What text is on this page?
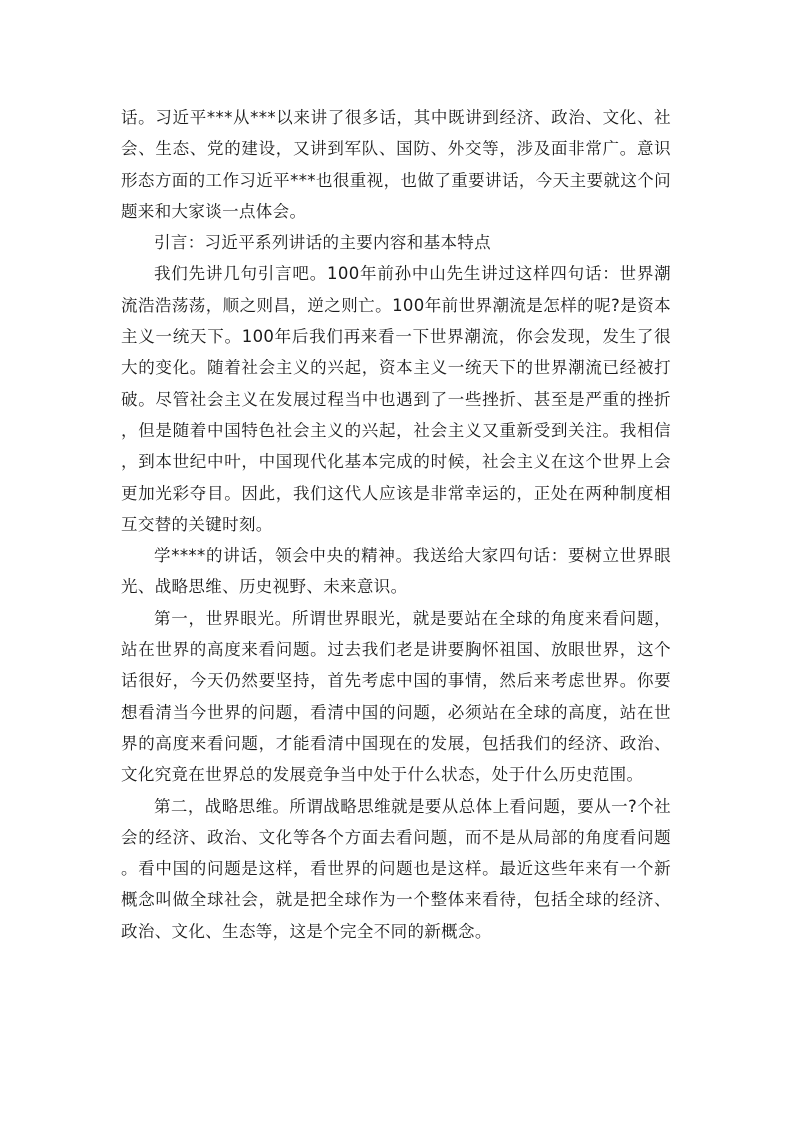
话。习近平***从***以来讲了很多话，其中既讲到经济、政治、文化、社会、生态、党的建设，又讲到军队、国防、外交等，涉及面非常广。意识形态方面的工作习近平***也很重视，也做了重要讲话，今天主要就这个问题来和大家谈一点体会。

引言：习近平系列讲话的主要内容和基本特点

我们先讲几句引言吧。100年前孙中山先生讲过这样四句话：世界潮流浩浩荡荡，顺之则昌，逆之则亡。100年前世界潮流是怎样的呢?是资本主义一统天下。100年后我们再来看一下世界潮流，你会发现，发生了很大的变化。随着社会主义的兴起，资本主义一统天下的世界潮流已经被打破。尽管社会主义在发展过程当中也遇到了一些挫折、甚至是严重的挫折，但是随着中国特色社会主义的兴起，社会主义又重新受到关注。我相信，到本世纪中叶，中国现代化基本完成的时候，社会主义在这个世界上会更加光彩夺目。因此，我们这代人应该是非常幸运的，正处在两种制度相互交替的关键时刻。

学****的讲话，领会中央的精神。我送给大家四句话：要树立世界眼光、战略思维、历史视野、未来意识。

第一，世界眼光。所谓世界眼光，就是要站在全球的角度来看问题，站在世界的高度来看问题。过去我们老是讲要胸怀祖国、放眼世界，这个话很好，今天仍然要坚持，首先考虑中国的事情，然后来考虑世界。你要想看清当今世界的问题，看清中国的问题，必须站在全球的高度，站在世界的高度来看问题，才能看清中国现在的发展，包括我们的经济、政治、文化究竟在世界总的发展竞争当中处于什么状态，处于什么历史范围。

第二，战略思维。所谓战略思维就是要从总体上看问题，要从一?个社会的经济、政治、文化等各个方面去看问题，而不是从局部的角度看问题。看中国的问题是这样，看世界的问题也是这样。最近这些年来有一个新概念叫做全球社会，就是把全球作为一个整体来看待，包括全球的经济、政治、文化、生态等，这是个完全不同的新概念。
